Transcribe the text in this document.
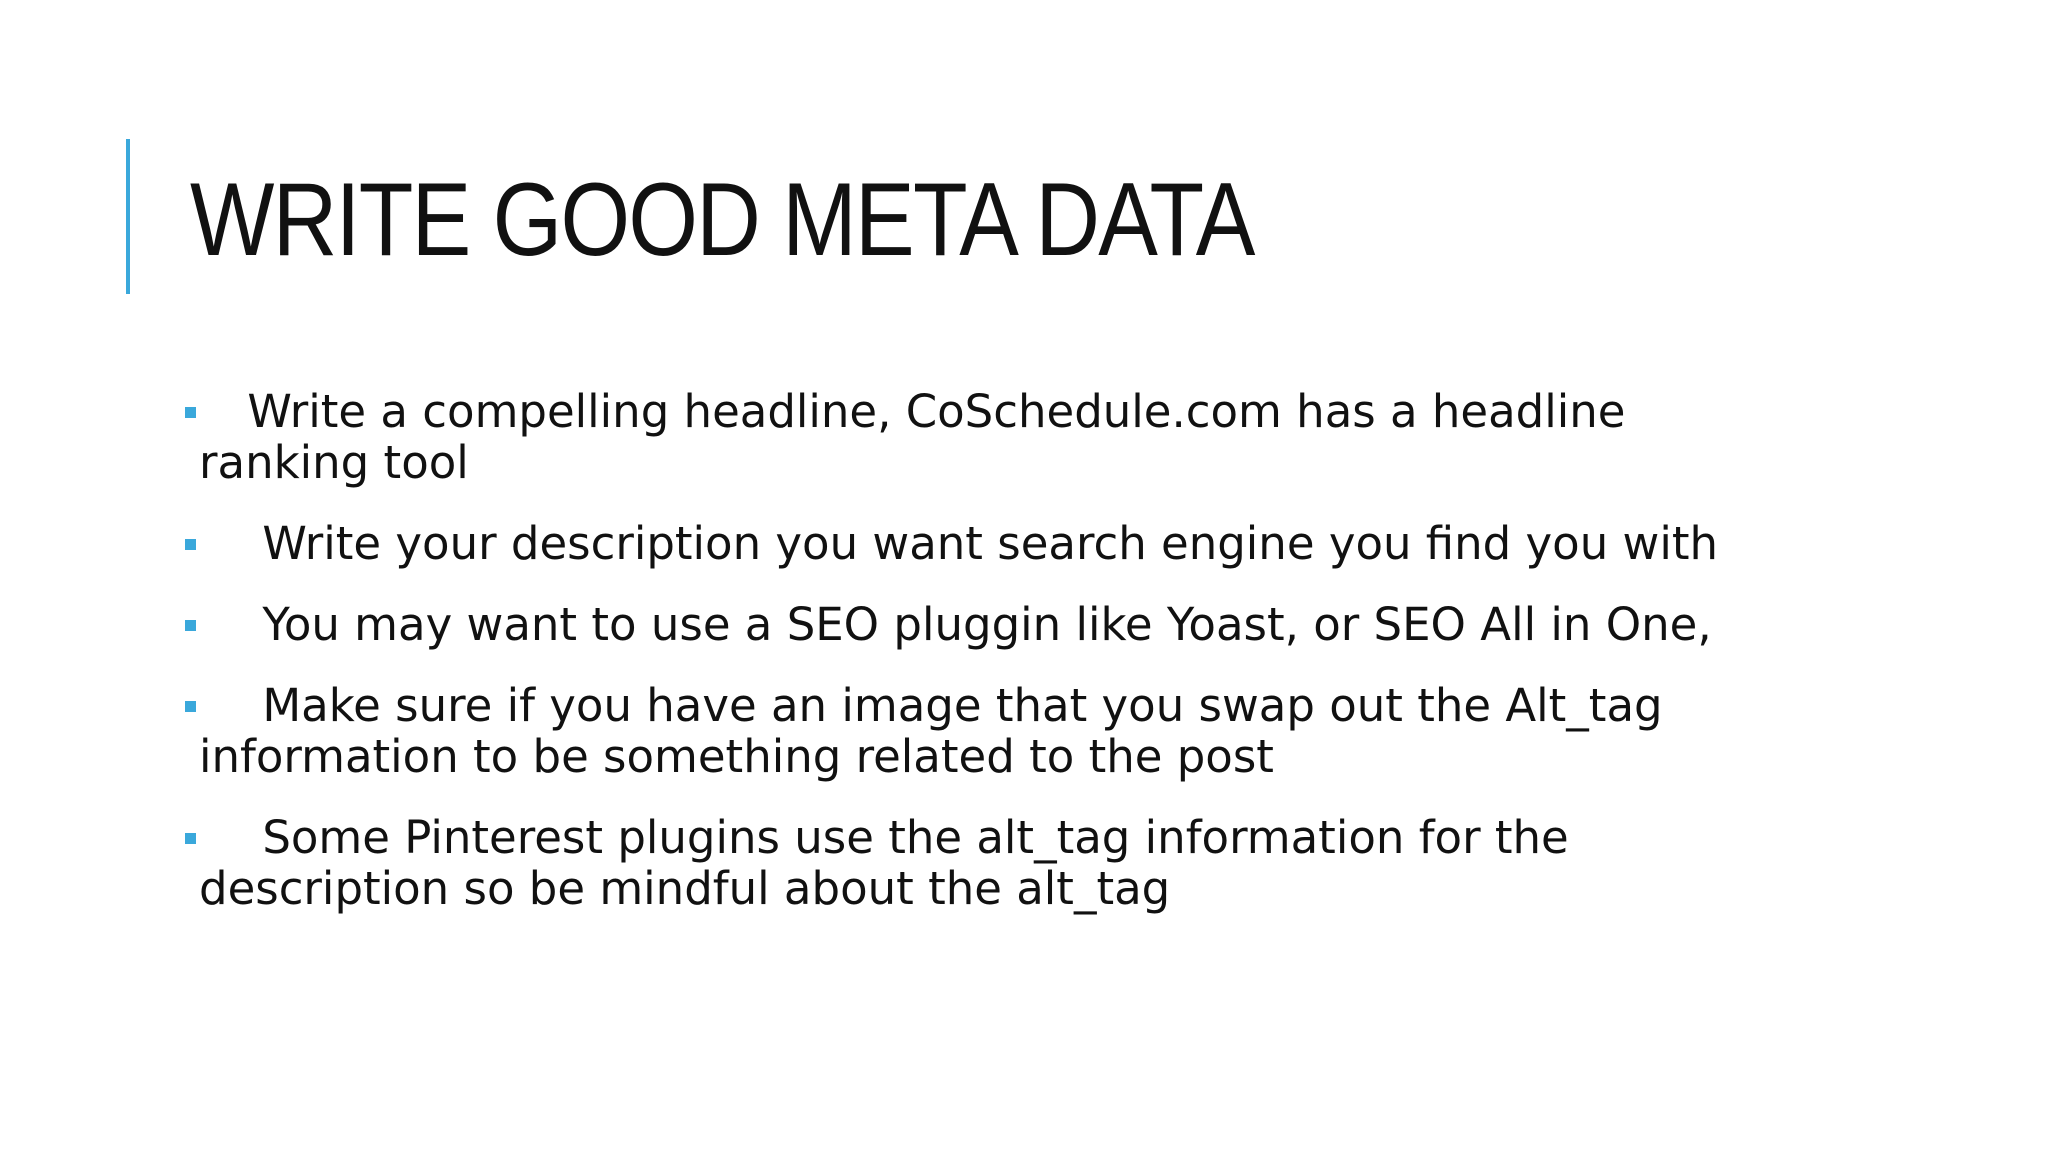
WRITE GOOD META DATA

Write a compelling headline, CoSchedule.com has a headline ranking tool

Write your description you want search engine you find you with

You may want to use a SEO pluggin like Yoast, or SEO All in One,

Make sure if you have an image that you swap out the Alt_tag information to be something related to the post

Some Pinterest plugins use the alt_tag information for the description so be mindful about the alt_tag
